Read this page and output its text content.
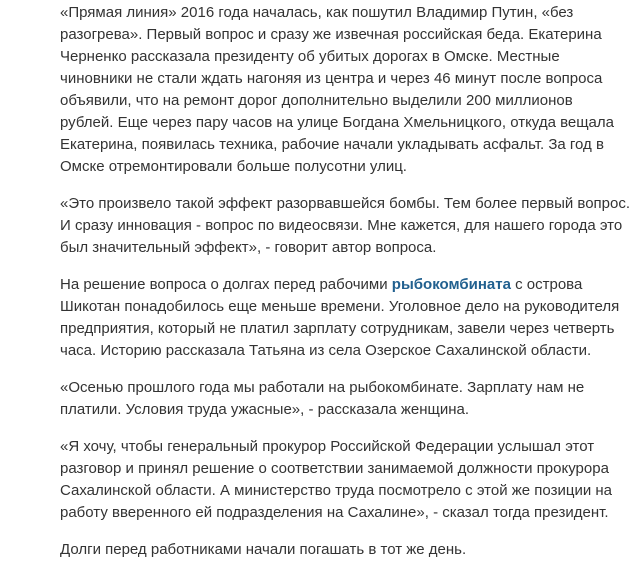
«Прямая линия» 2016 года началась, как пошутил Владимир Путин, «без разогрева». Первый вопрос и сразу же извечная российская беда. Екатерина Черненко рассказала президенту об убитых дорогах в Омске. Местные чиновники не стали ждать нагоняя из центра и через 46 минут после вопроса объявили, что на ремонт дорог дополнительно выделили 200 миллионов рублей. Еще через пару часов на улице Богдана Хмельницкого, откуда вещала Екатерина, появилась техника, рабочие начали укладывать асфальт. За год в Омске отремонтировали больше полусотни улиц.

«Это произвело такой эффект разорвавшейся бомбы. Тем более первый вопрос. И сразу инновация - вопрос по видеосвязи. Мне кажется, для нашего города это был значительный эффект», - говорит автор вопроса.

На решение вопроса о долгах перед рабочими рыбокомбината с острова Шикотан понадобилось еще меньше времени. Уголовное дело на руководителя предприятия, который не платил зарплату сотрудникам, завели через четверть часа. Историю рассказала Татьяна из села Озерское Сахалинской области.

«Осенью прошлого года мы работали на рыбокомбинате. Зарплату нам не платили. Условия труда ужасные», - рассказала женщина.

«Я хочу, чтобы генеральный прокурор Российской Федерации услышал этот разговор и принял решение о соответствии занимаемой должности прокурора Сахалинской области. А министерство труда посмотрело с этой же позиции на работу вверенного ей подразделения на Сахалине», - сказал тогда президент.

Долги перед работниками начали погашать в тот же день.
